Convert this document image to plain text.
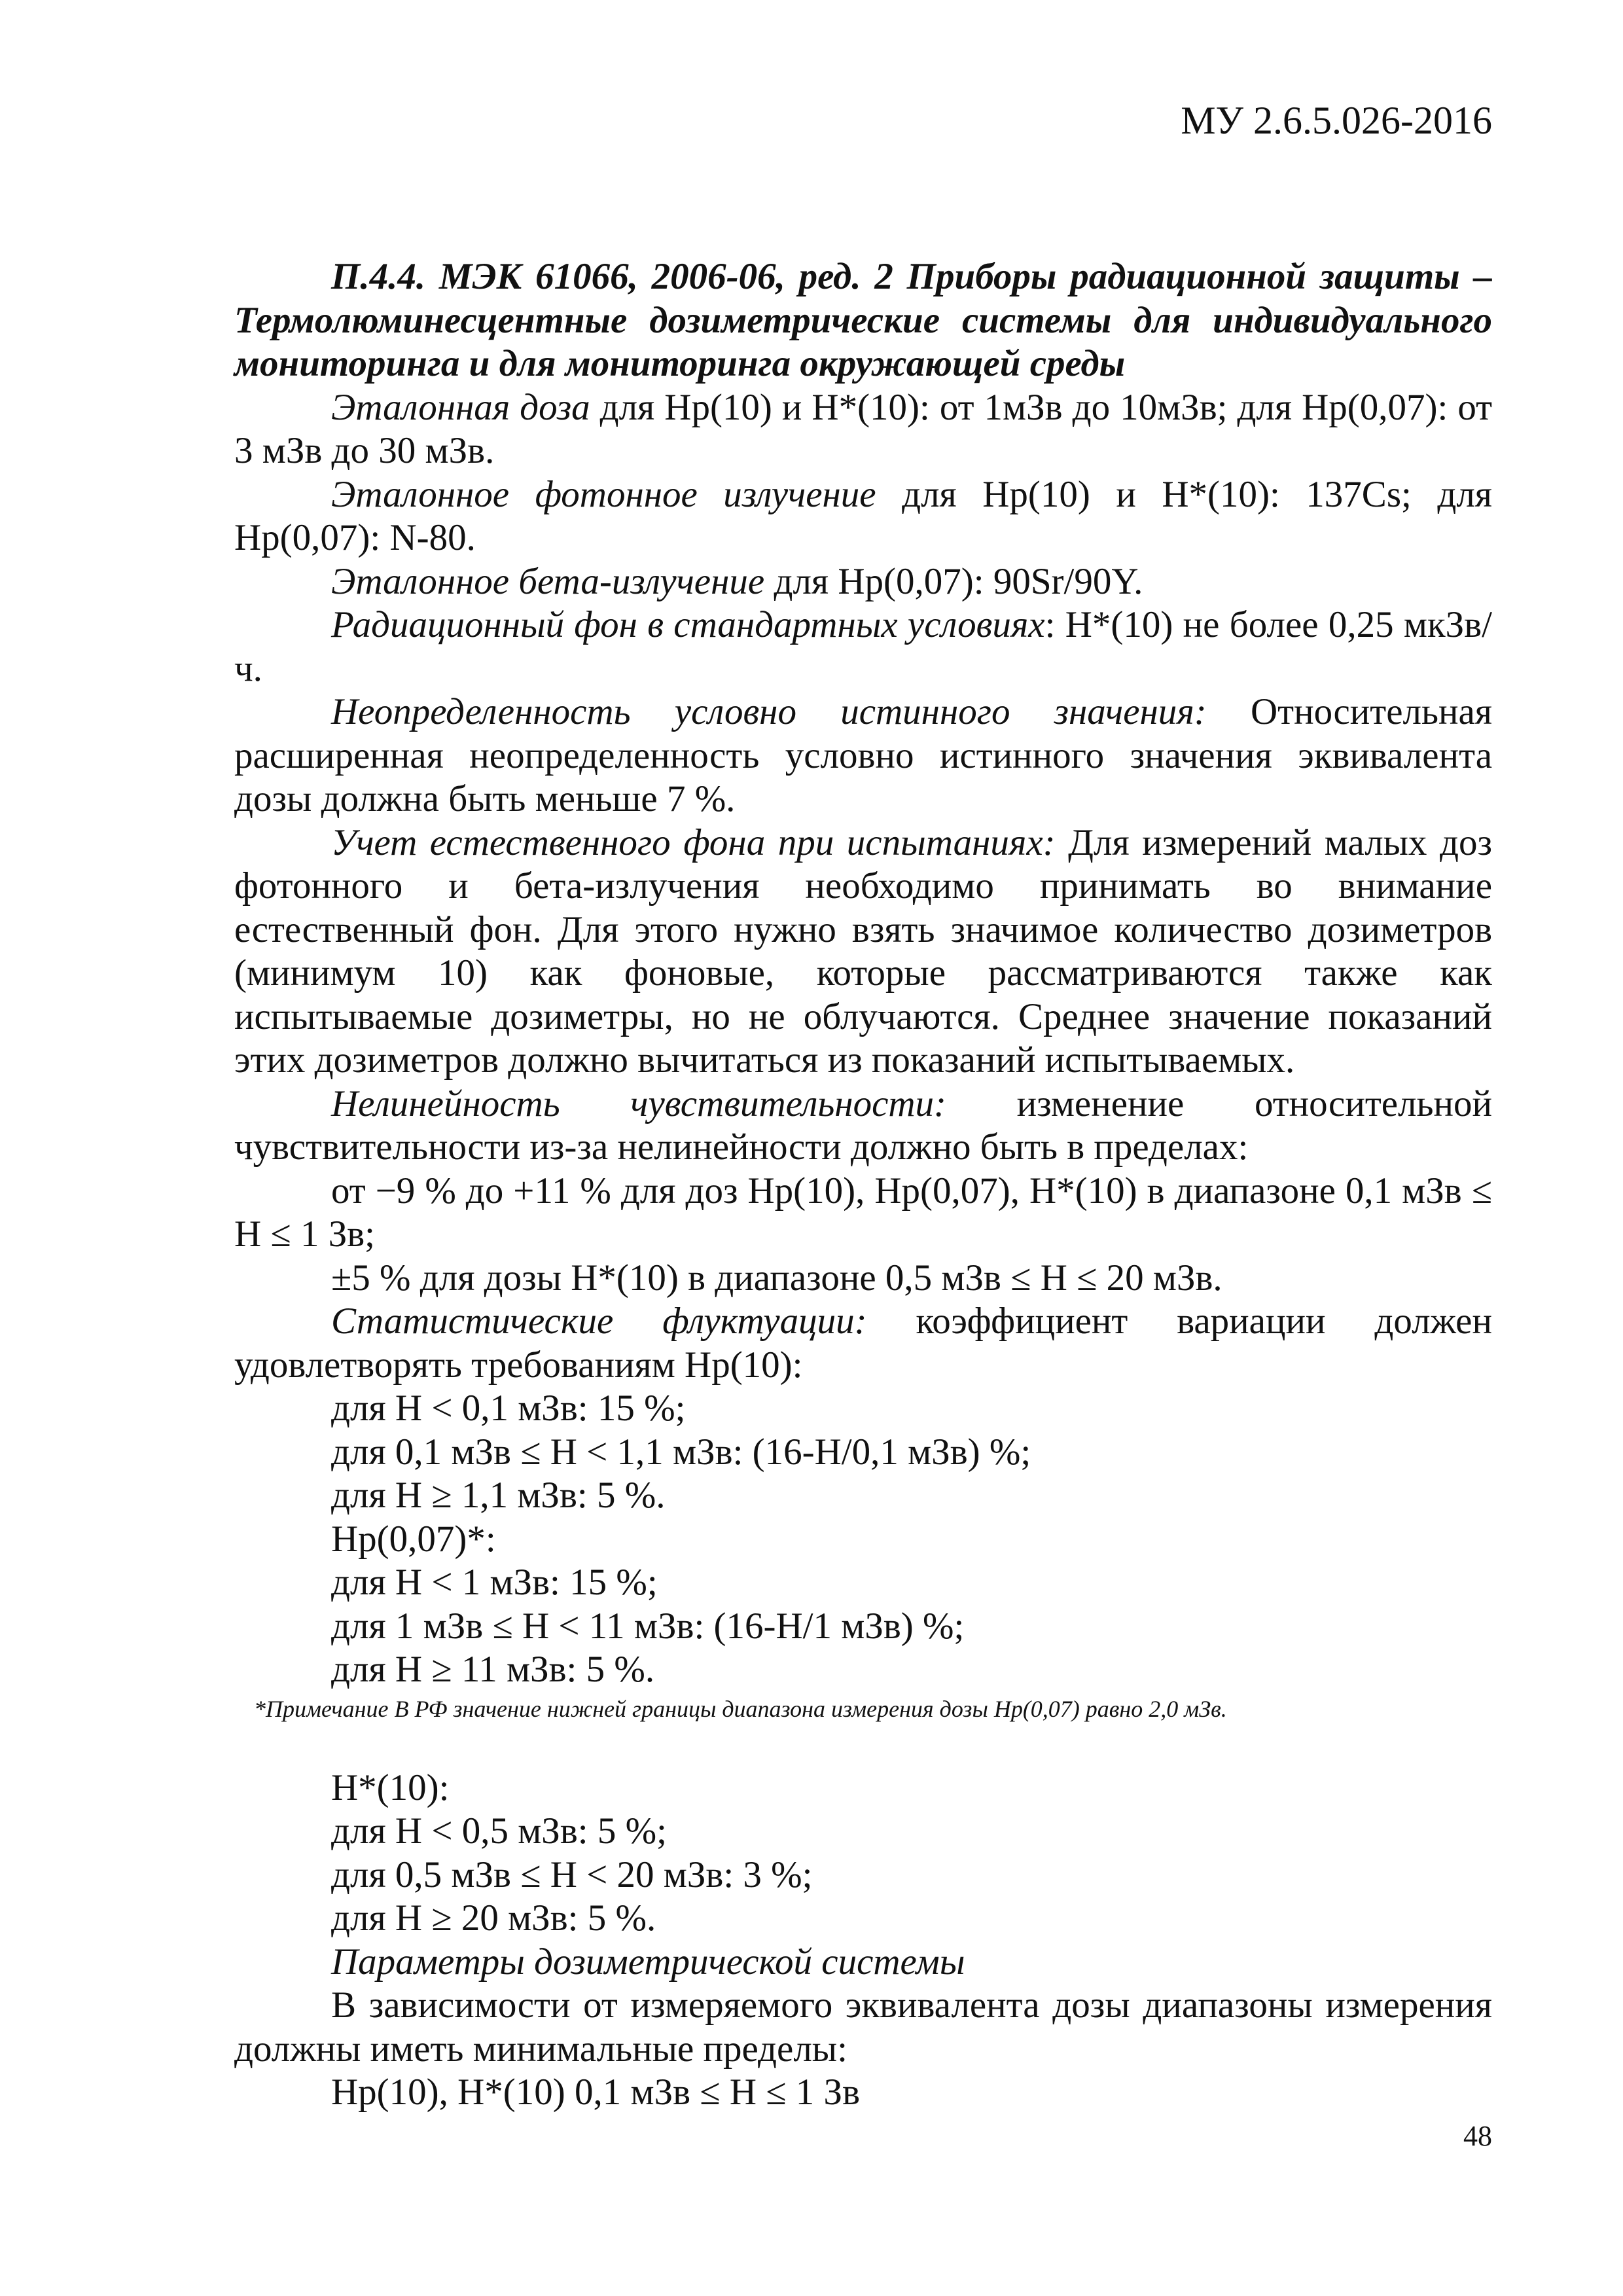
МУ 2.6.5.026-2016

П.4.4. МЭК 61066, 2006-06, ред. 2 Приборы радиационной защиты – Термолюминесцентные дозиметрические системы для индивидуального мониторинга и для мониторинга окружающей среды

Эталонная доза для Hp(10) и H*(10): от 1мЗв до 10мЗв; для Hp(0,07): от 3 мЗв до 30 мЗв.

Эталонное фотонное излучение для Hp(10) и H*(10): 137Cs; для Hp(0,07): N-80.

Эталонное бета-излучение для Hp(0,07): 90Sr/90Y.

Радиационный фон в стандартных условиях: H*(10) не более 0,25 мкЗв/ч.

Неопределенность условно истинного значения: Относительная расширенная неопределенность условно истинного значения эквивалента дозы должна быть меньше 7 %.

Учет естественного фона при испытаниях: Для измерений малых доз фотонного и бета-излучения необходимо принимать во внимание естественный фон. Для этого нужно взять значимое количество дозиметров (минимум 10) как фоновые, которые рассматриваются также как испытываемые дозиметры, но не облучаются. Среднее значение показаний этих дозиметров должно вычитаться из показаний испытываемых.

Нелинейность чувствительности: изменение относительной чувствительности из-за нелинейности должно быть в пределах:

от −9 % до +11 % для доз Hp(10), Hp(0,07), H*(10) в диапазоне 0,1 мЗв ≤ H ≤ 1 Зв;

±5 % для дозы H*(10) в диапазоне 0,5 мЗв ≤ H ≤ 20 мЗв.

Статистические флуктуации: коэффициент вариации должен удовлетворять требованиям Hp(10):

для H < 0,1 мЗв: 15 %;

для 0,1 мЗв ≤ H < 1,1 мЗв: (16-H/0,1 мЗв) %;

для H ≥ 1,1 мЗв: 5 %.

Hp(0,07)*:

для H < 1 мЗв: 15 %;

для 1 мЗв ≤ H < 11 мЗв: (16-H/1 мЗв) %;

для H ≥ 11 мЗв: 5 %.

*Примечание В РФ значение нижней границы диапазона измерения дозы Hp(0,07) равно 2,0 мЗв.

H*(10):

для H < 0,5 мЗв: 5 %;

для 0,5 мЗв ≤ H < 20 мЗв: 3 %;

для H ≥ 20 мЗв: 5 %.

Параметры дозиметрической системы

В зависимости от измеряемого эквивалента дозы диапазоны измерения должны иметь минимальные пределы:

Hp(10), H*(10) 0,1 мЗв ≤ H ≤ 1 Зв

48
